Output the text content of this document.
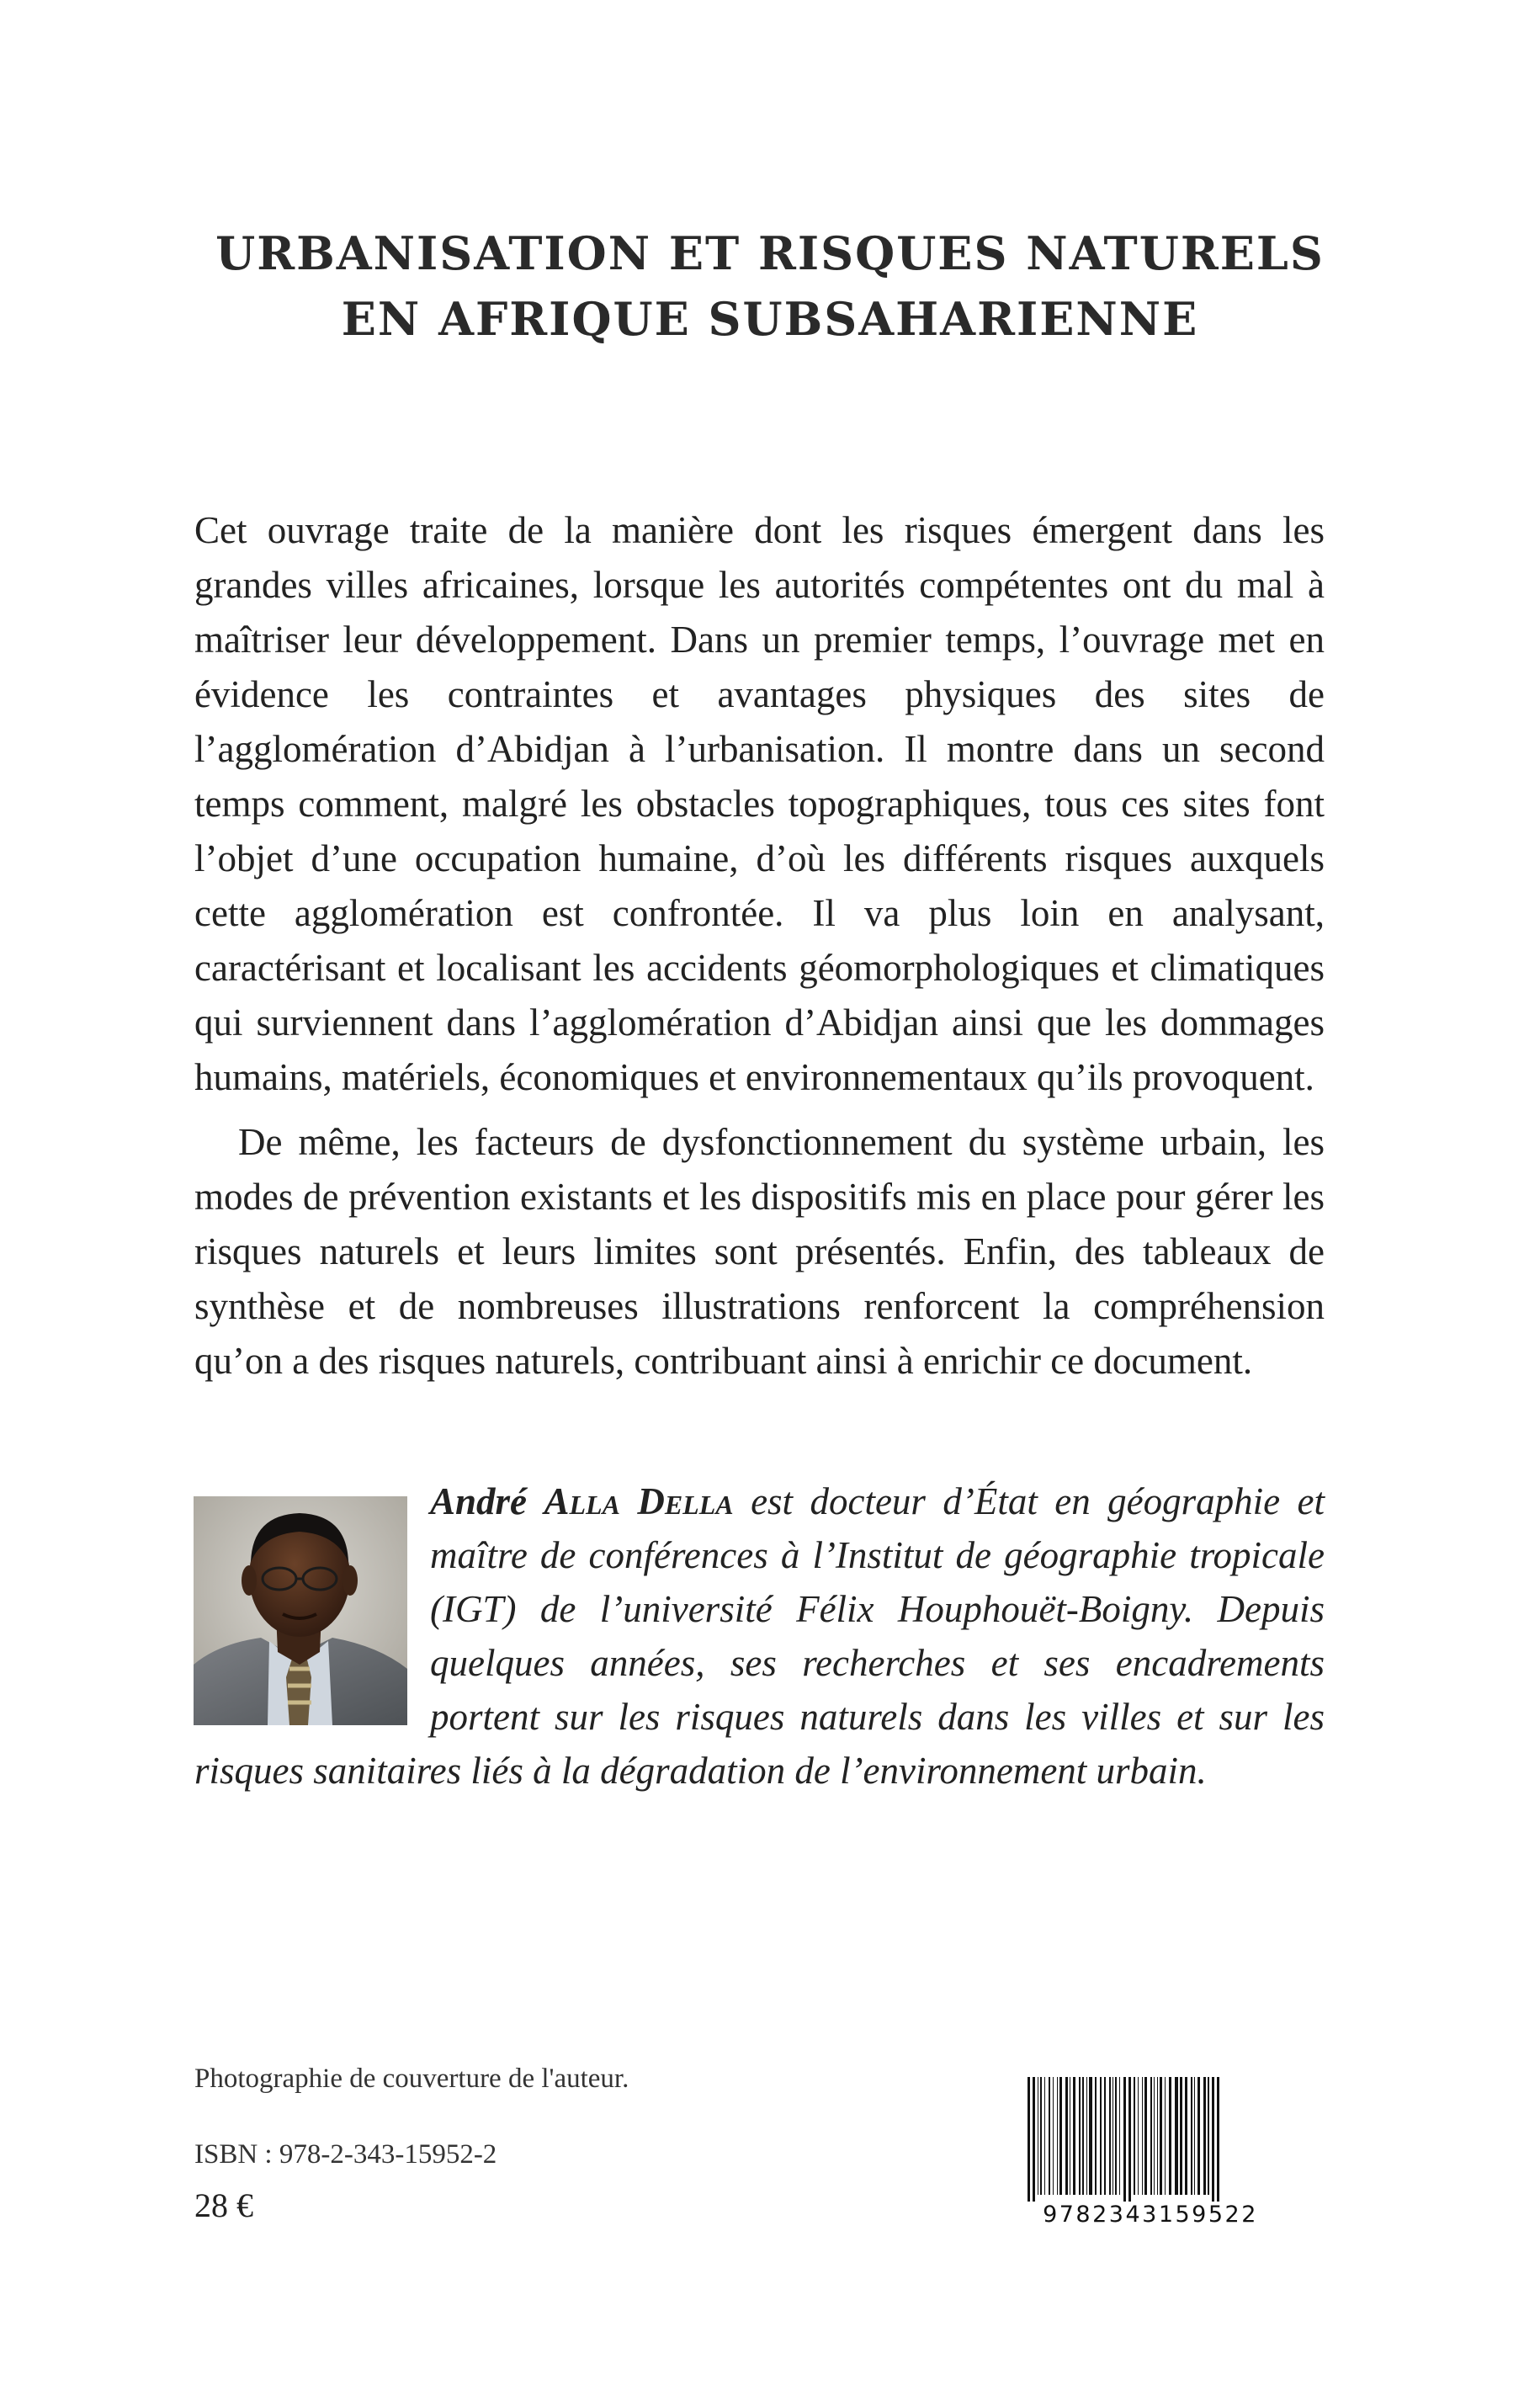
URBANISATION ET RISQUES NATURELS
EN AFRIQUE SUBSAHARIENNE

Cet ouvrage traite de la manière dont les risques émergent dans les grandes villes africaines, lorsque les autorités compétentes ont du mal à maîtriser leur développement. Dans un premier temps, l’ouvrage met en évidence les contraintes et avantages physiques des sites de l’agglomération d’Abidjan à l’urbanisation. Il montre dans un second temps comment, malgré les obstacles topographiques, tous ces sites font l’objet d’une occupation humaine, d’où les différents risques auxquels cette agglomération est confrontée. Il va plus loin en analysant, caractérisant et localisant les accidents géomorphologiques et climatiques qui surviennent dans l’agglomération d’Abidjan ainsi que les dommages humains, matériels, économiques et environnementaux qu’ils provoquent.

De même, les facteurs de dysfonctionnement du système urbain, les modes de prévention existants et les dispositifs mis en place pour gérer les risques naturels et leurs limites sont présentés. Enfin, des tableaux de synthèse et de nombreuses illustrations renforcent la compréhension qu’on a des risques naturels, contribuant ainsi à enrichir ce document.

André Alla Della est docteur d’État en géographie et maître de conférences à l’Institut de géographie tropicale (IGT) de l’université Félix Houphouët-Boigny. Depuis quelques années, ses recherches et ses encadrements portent sur les risques naturels dans les villes et sur les risques sanitaires liés à la dégradation de l’environnement urbain.
Photographie de couverture de l'auteur.
ISBN : 978-2-343-15952-2
28 €	9782343159522
